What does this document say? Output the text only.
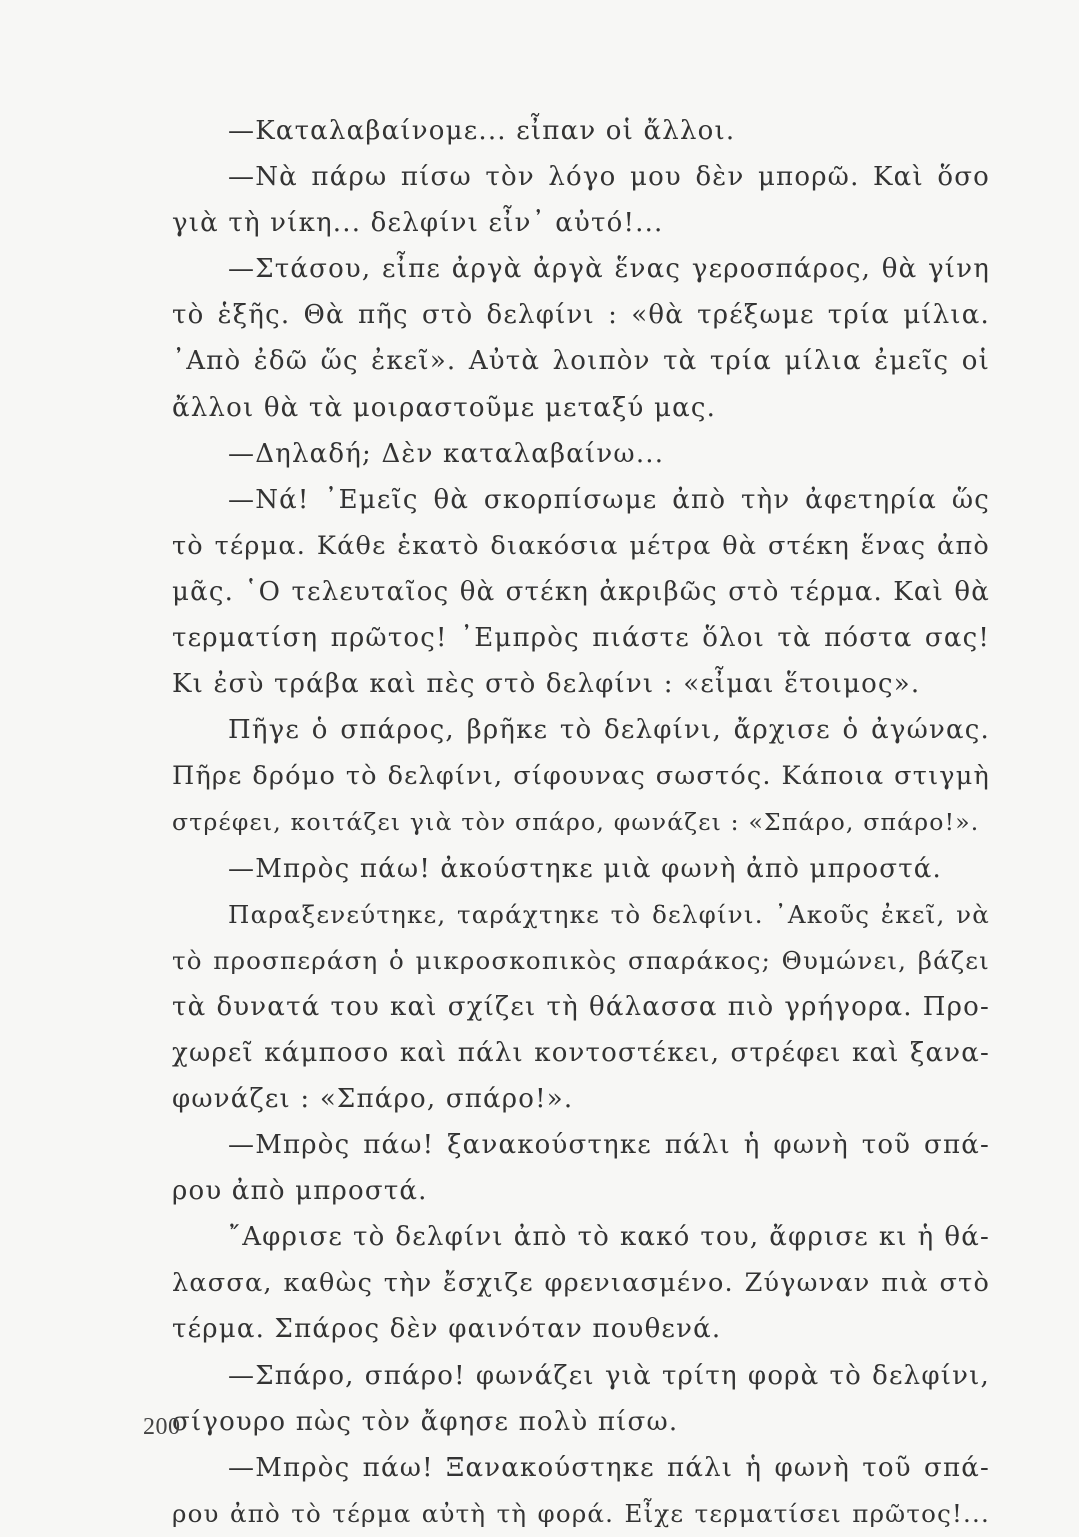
—Καταλαβαίνομε... εἶπαν οἱ ἄλλοι.
—Νὰ πάρω πίσω τὸν λόγο μου δὲν μπορῶ. Καὶ ὅσο
γιὰ τὴ νίκη... δελφίνι εἶν᾽ αὐτό!...
—Στάσου, εἶπε ἀργὰ ἀργὰ ἕνας γεροσπάρος, θὰ γίνη
τὸ ἑξῆς. Θὰ πῆς στὸ δελφίνι : «θὰ τρέξωμε τρία μίλια.
᾽Απὸ ἐδῶ ὥς ἐκεῖ». Αὐτὰ λοιπὸν τὰ τρία μίλια ἐμεῖς οἱ
ἄλλοι θὰ τὰ μοιραστοῦμε μεταξύ μας.
—Δηλαδή; Δὲν καταλαβαίνω...
—Νά! ᾽Εμεῖς θὰ σκορπίσωμε ἀπὸ τὴν ἀφετηρία ὥς
τὸ τέρμα. Κάθε ἑκατὸ διακόσια μέτρα θὰ στέκη ἕνας ἀπὸ
μᾶς. ῾Ο τελευταῖος θὰ στέκη ἀκριβῶς στὸ τέρμα. Καὶ θὰ
τερματίση πρῶτος! ᾽Εμπρὸς πιάστε ὅλοι τὰ πόστα σας!
Κι ἐσὺ τράβα καὶ πὲς στὸ δελφίνι : «εἶμαι ἕτοιμος».
Πῆγε ὁ σπάρος, βρῆκε τὸ δελφίνι, ἄρχισε ὁ ἀγώνας.
Πῆρε δρόμο τὸ δελφίνι, σίφουνας σωστός. Κάποια στιγμὴ
στρέφει, κοιτάζει γιὰ τὸν σπάρο, φωνάζει : «Σπάρο, σπάρο!».
—Μπρὸς πάω! ἀκούστηκε μιὰ φωνὴ ἀπὸ μπροστά.
Παραξενεύτηκε, ταράχτηκε τὸ δελφίνι. ᾽Ακοῦς ἐκεῖ, νὰ
τὸ προσπεράση ὁ μικροσκοπικὸς σπαράκος; Θυμώνει, βάζει
τὰ δυνατά του καὶ σχίζει τὴ θάλασσα πιὸ γρήγορα. Προ-
χωρεῖ κάμποσο καὶ πάλι κοντοστέκει, στρέφει καὶ ξανα-
φωνάζει : «Σπάρο, σπάρο!».
—Μπρὸς πάω! ξανακούστηκε πάλι ἡ φωνὴ τοῦ σπά-
ρου ἀπὸ μπροστά.
῎Αφρισε τὸ δελφίνι ἀπὸ τὸ κακό του, ἄφρισε κι ἡ θά-
λασσα, καθὼς τὴν ἔσχιζε φρενιασμένο. Ζύγωναν πιὰ στὸ
τέρμα. Σπάρος δὲν φαινόταν πουθενά.
—Σπάρο, σπάρο! φωνάζει γιὰ τρίτη φορὰ τὸ δελφίνι,
σίγουρο πὼς τὸν ἄφησε πολὺ πίσω.
—Μπρὸς πάω! Ξανακούστηκε πάλι ἡ φωνὴ τοῦ σπά-
ρου ἀπὸ τὸ τέρμα αὐτὴ τὴ φορά. Εἶχε τερματίσει πρῶτος!...
200
